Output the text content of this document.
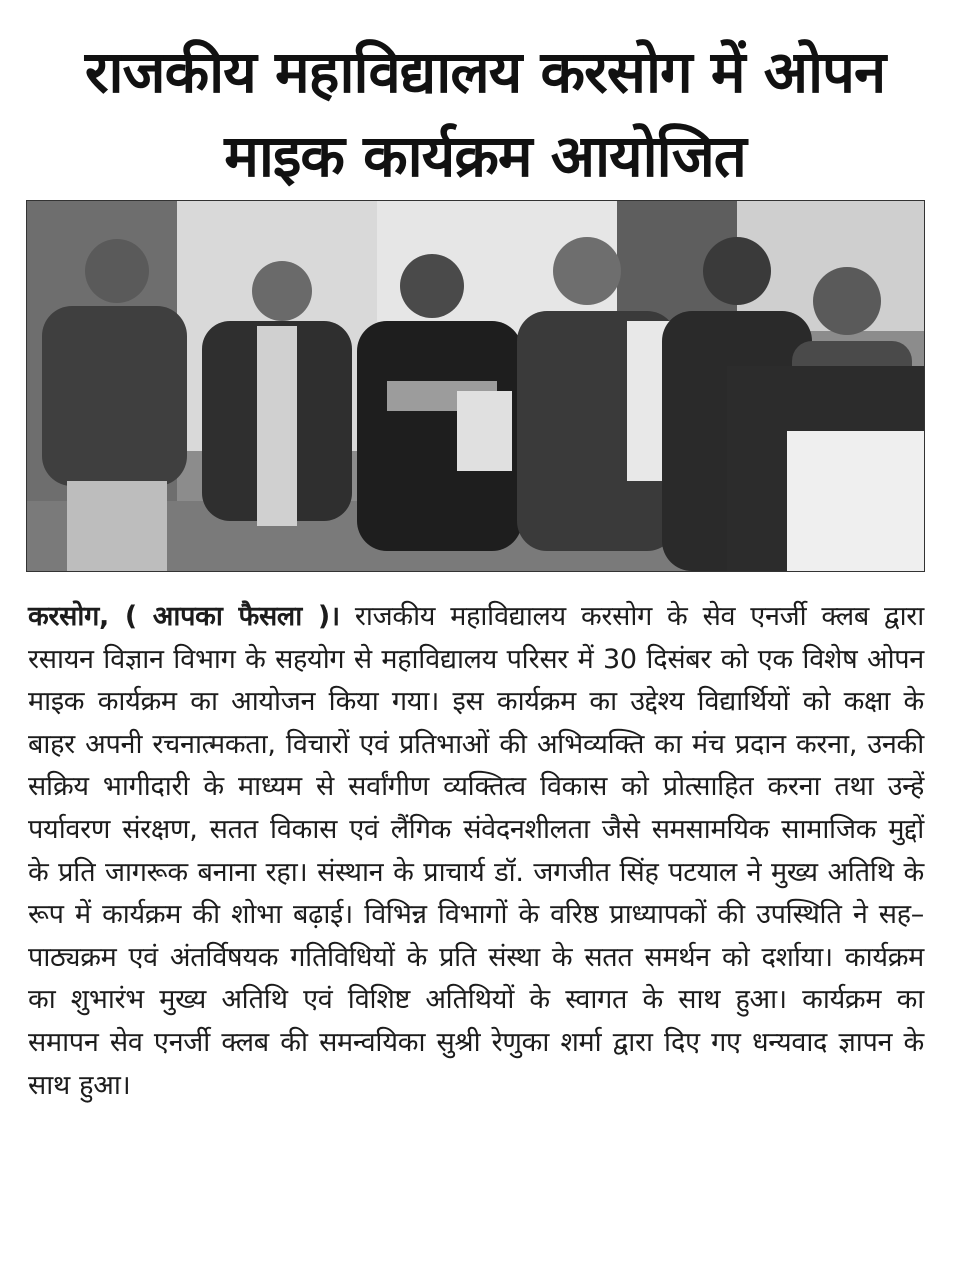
राजकीय महाविद्यालय करसोग में ओपन
माइक कार्यक्रम आयोजित
करसोग, ( आपका फैसला )। राजकीय महाविद्यालय करसोग के सेव एनर्जी क्लब द्वारा रसायन विज्ञान विभाग के सहयोग से महाविद्यालय परिसर में 30 दिसंबर को एक विशेष ओपन माइक कार्यक्रम का आयोजन किया गया। इस कार्यक्रम का उद्देश्य विद्यार्थियों को कक्षा के बाहर अपनी रचनात्मकता, विचारों एवं प्रतिभाओं की अभिव्यक्ति का मंच प्रदान करना, उनकी सक्रिय भागीदारी के माध्यम से सर्वांगीण व्यक्तित्व विकास को प्रोत्साहित करना तथा उन्हें पर्यावरण संरक्षण, सतत विकास एवं लैंगिक संवेदनशीलता जैसे समसामयिक सामाजिक मुद्दों के प्रति जागरूक बनाना रहा। संस्थान के प्राचार्य डॉ. जगजीत सिंह पटयाल ने मुख्य अतिथि के रूप में कार्यक्रम की शोभा बढ़ाई। विभिन्न विभागों के वरिष्ठ प्राध्यापकों की उपस्थिति ने सह–पाठ्यक्रम एवं अंतर्विषयक गतिविधियों के प्रति संस्था के सतत समर्थन को दर्शाया। कार्यक्रम का शुभारंभ मुख्य अतिथि एवं विशिष्ट अतिथियों के स्वागत के साथ हुआ। कार्यक्रम का समापन सेव एनर्जी क्लब की समन्वयिका सुश्री रेणुका शर्मा द्वारा दिए गए धन्यवाद ज्ञापन के साथ हुआ।
